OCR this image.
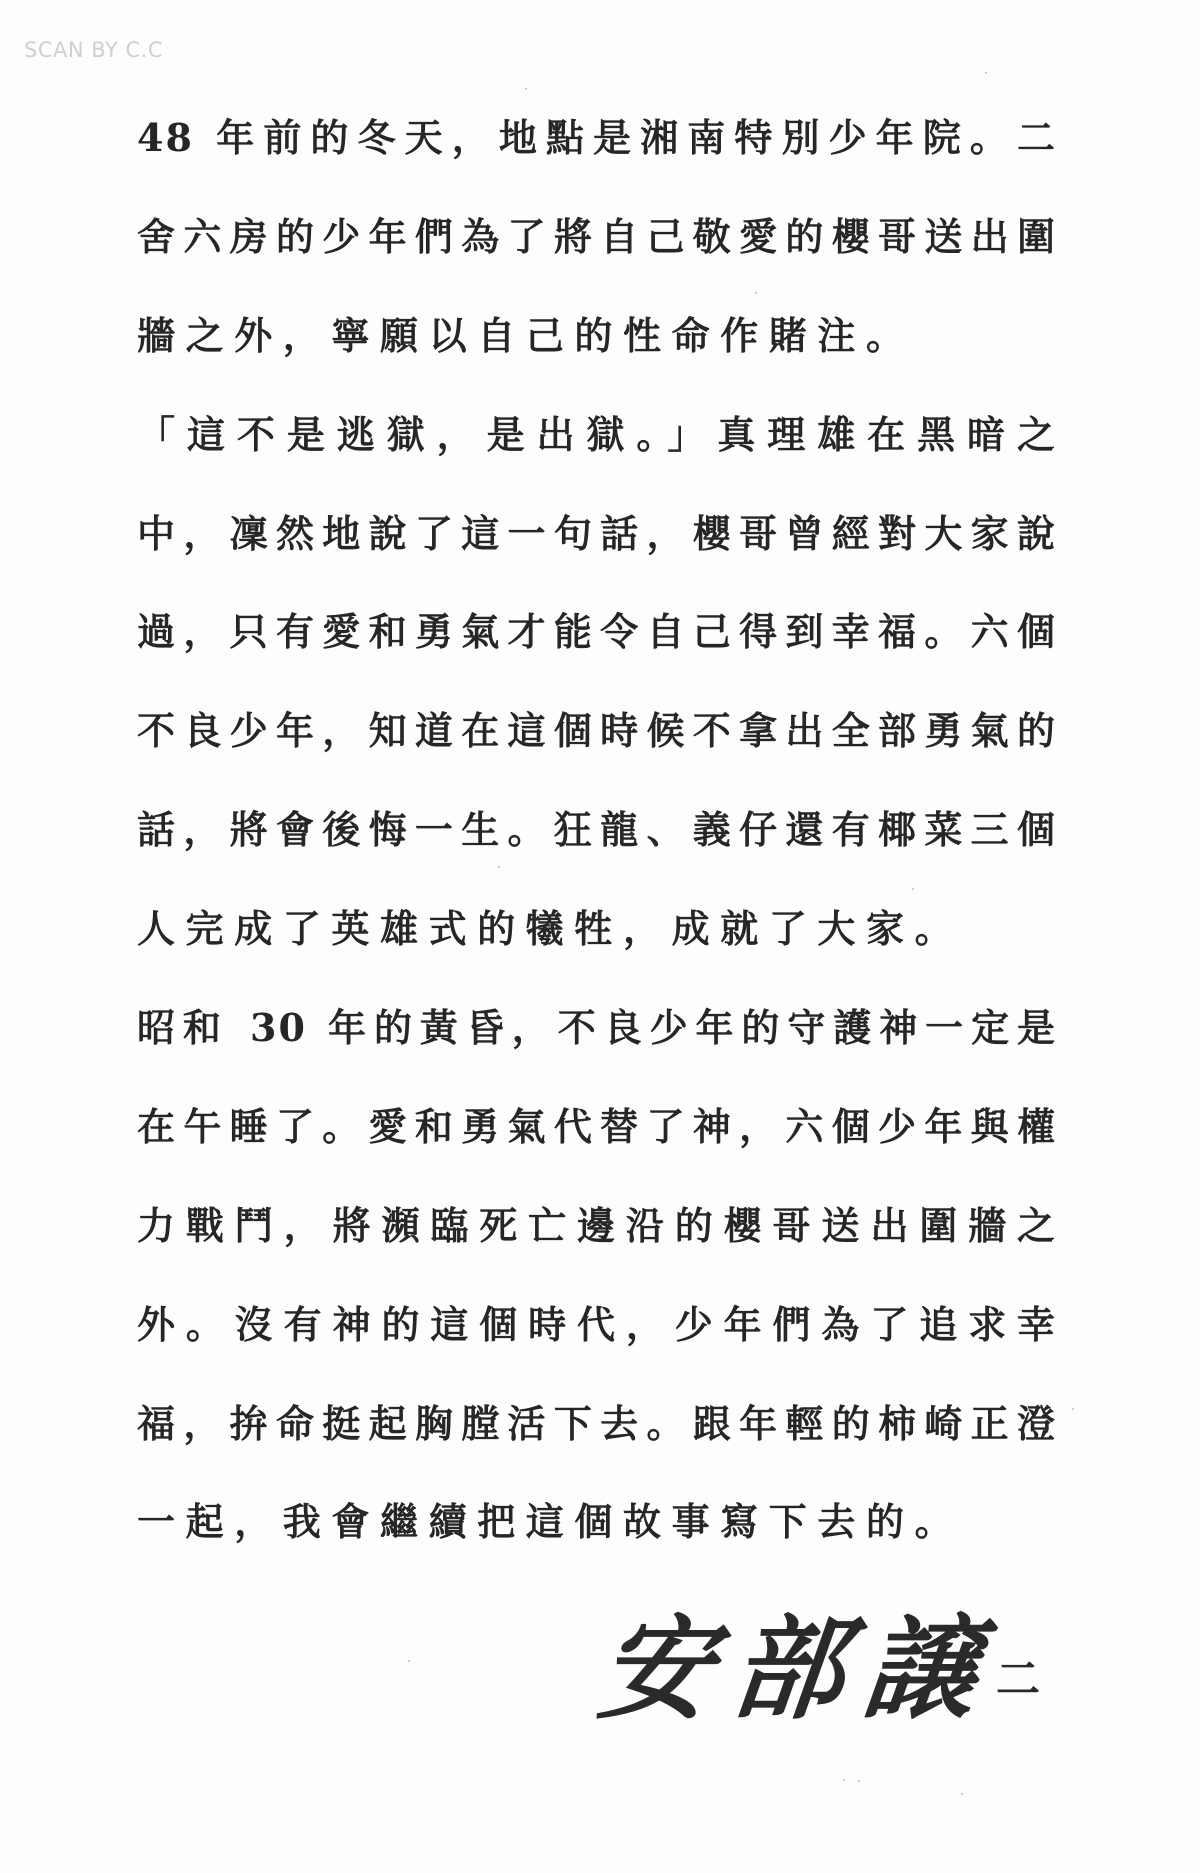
SCAN BY C.C
48 年前的冬天，地點是湘南特別少年院。二
舍六房的少年們為了將自己敬愛的櫻哥送出圍
牆之外，寧願以自己的性命作賭注。
「這不是逃獄，是出獄。」真理雄在黑暗之
中，凜然地說了這一句話，櫻哥曾經對大家說
過，只有愛和勇氣才能令自己得到幸福。六個
不良少年，知道在這個時候不拿出全部勇氣的
話，將會後悔一生。狂龍、義仔還有椰菜三個
人完成了英雄式的犧牲，成就了大家。
昭和 30 年的黃昏，不良少年的守護神一定是
在午睡了。愛和勇氣代替了神，六個少年與權
力戰鬥，將瀕臨死亡邊沿的櫻哥送出圍牆之
外。沒有神的這個時代，少年們為了追求幸
福，拚命挺起胸膛活下去。跟年輕的柿崎正澄
一起，我會繼續把這個故事寫下去的。
安 部 譲 二
